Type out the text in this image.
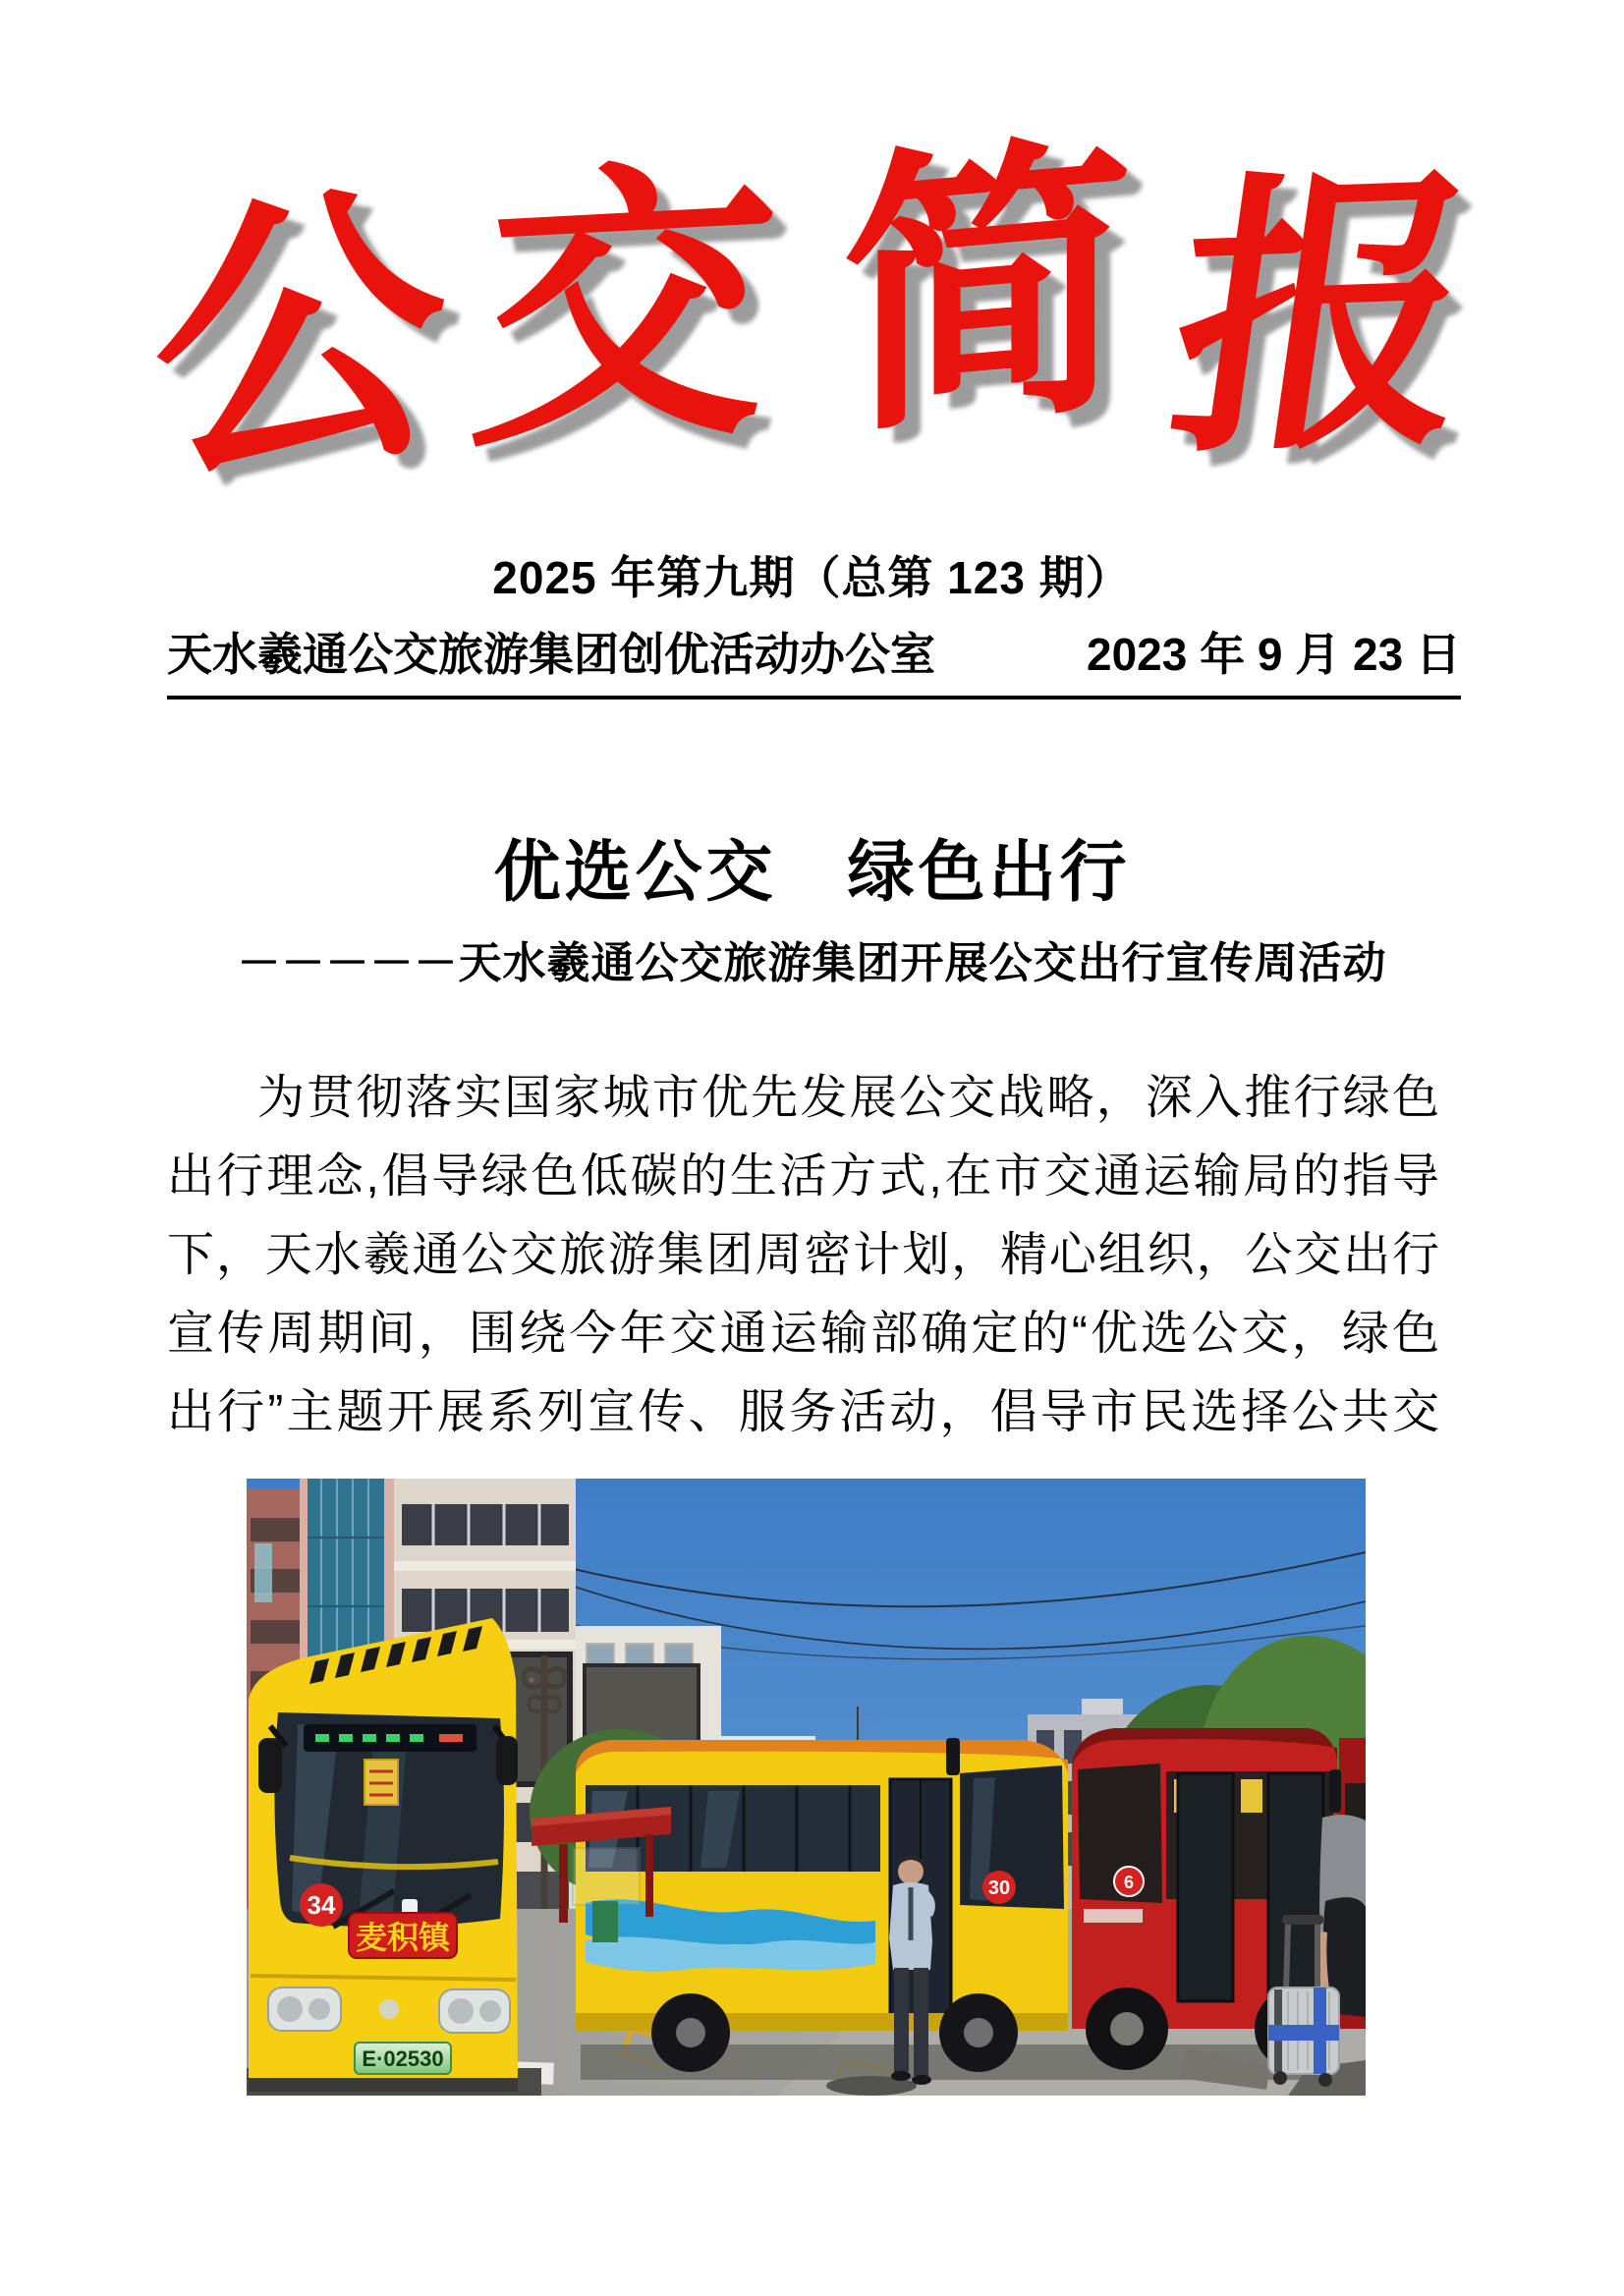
公交 简报
2025 年第九期（总第 123 期）
天水羲通公交旅游集团创优活动办公室	2023 年 9 月 23 日
优选公交　绿色出行
－－－－－天水羲通公交旅游集团开展公交出行宣传周活动
为贯彻落实国家城市优先发展公交战略，深入推行绿色
出行理念,倡导绿色低碳的生活方式,在市交通运输局的指导
下，天水羲通公交旅游集团周密计划，精心组织，公交出行
宣传周期间，围绕今年交通运输部确定的“优选公交，绿色
出行”主题开展系列宣传、服务活动，倡导市民选择公共交
30	6
34
麦积镇
E·02530
